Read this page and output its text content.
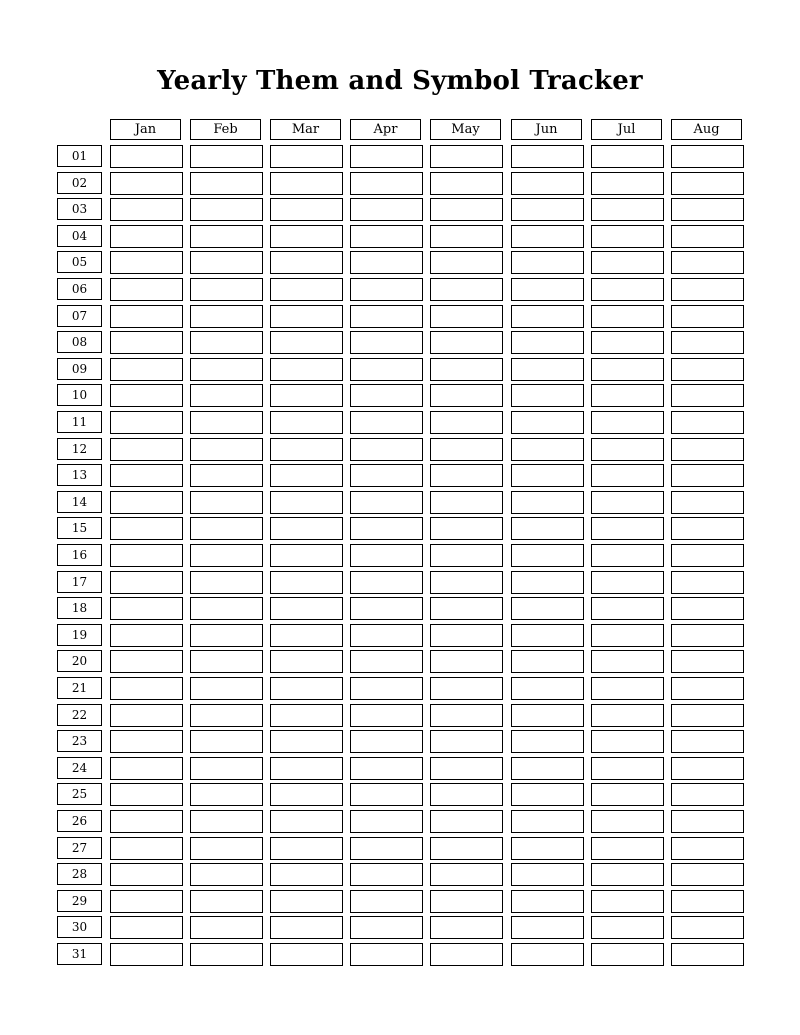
Yearly Them and Symbol Tracker
Jan	Feb	Mar	Apr	May	Jun	Jul	Aug
01
02
03
04
05
06
07
08
09
10
11
12
13
14
15
16
17
18
19
20
21
22
23
24
25
26
27
28
29
30
31
